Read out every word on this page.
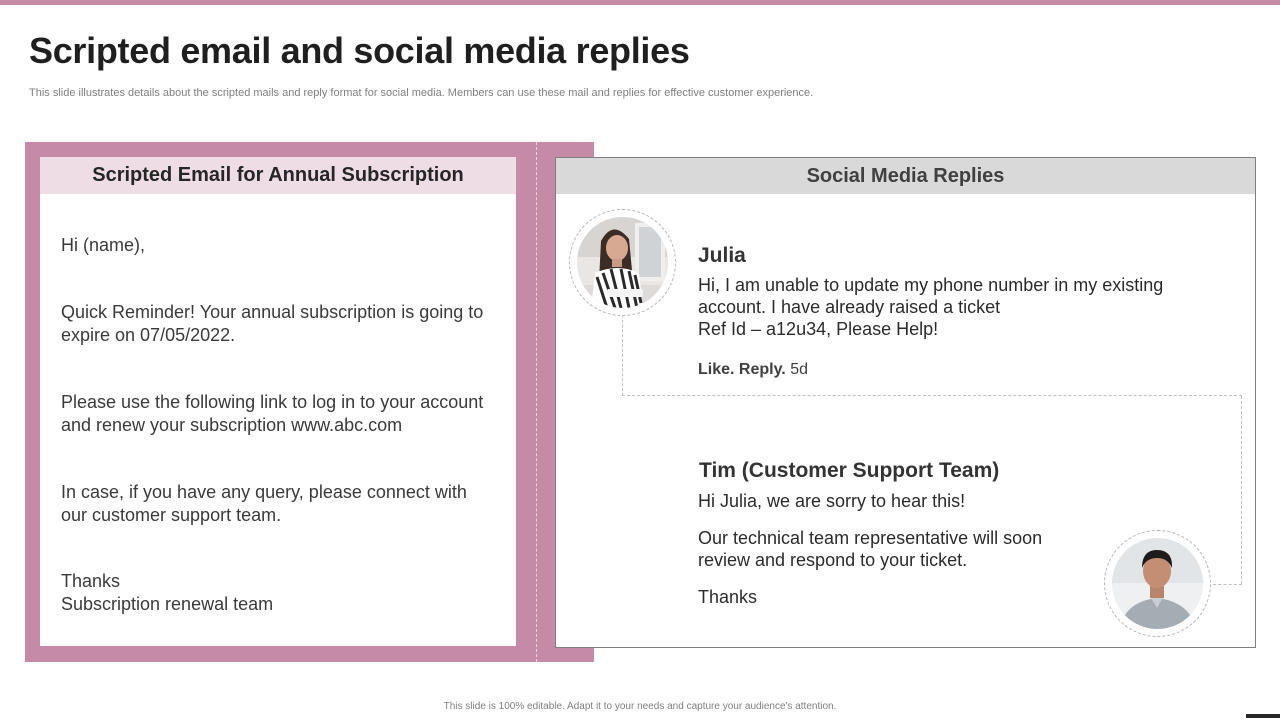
Scripted email and social media replies

This slide illustrates details about the scripted mails and reply format for social media. Members can use these mail and replies for effective customer experience.

Scripted Email for Annual Subscription

Hi (name),

Quick Reminder! Your annual subscription is going to expire on 07/05/2022.

Please use the following link to log in to your account and renew your subscription www.abc.com

In case, if you have any query, please connect with our customer support team.

Thanks

Subscription renewal team

Social Media Replies
Julia

Hi, I am unable to update my phone number in my existing account. I have already raised a ticket

Ref Id – a12u34, Please Help!

Like. Reply. 5d
Tim (Customer Support Team)

Hi Julia, we are sorry to hear this!

Our technical team representative will soon review and respond to your ticket.

Thanks

This slide is 100% editable. Adapt it to your needs and capture your audience's attention.
